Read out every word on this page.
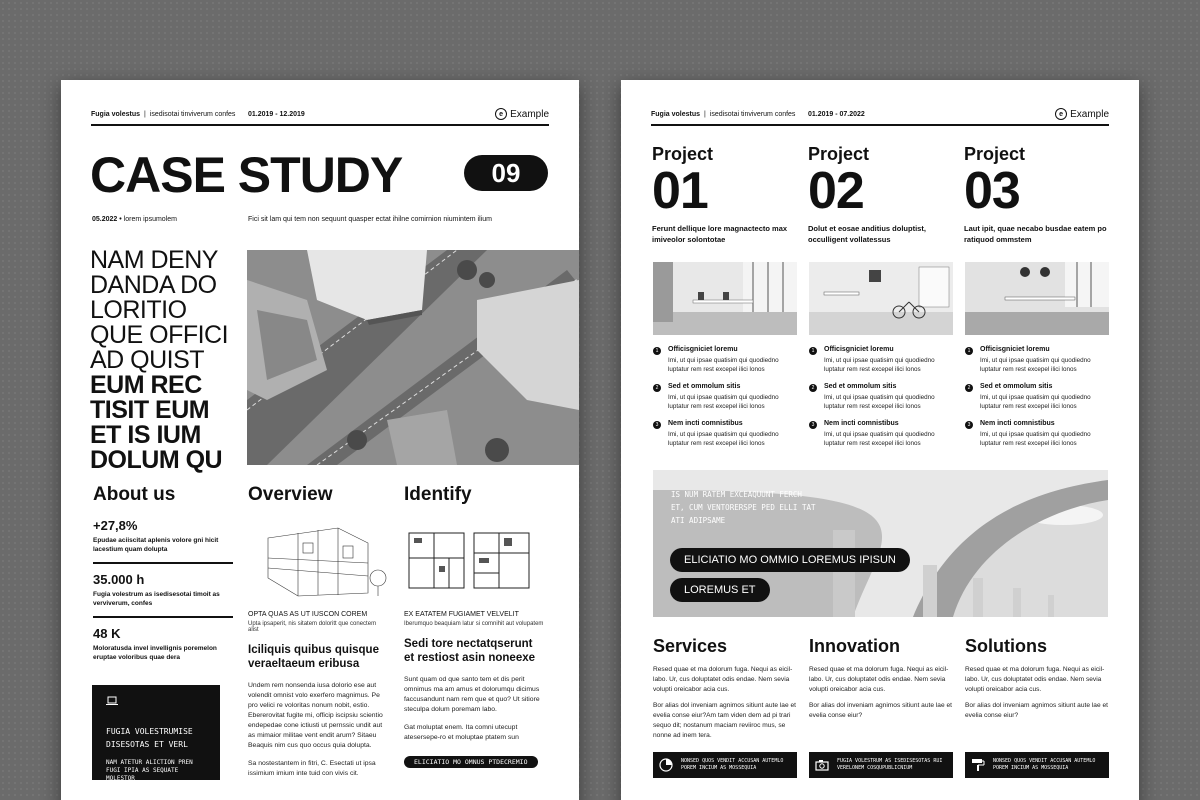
Fugia volestus | isedisotai tinviverum confes 01.2019 - 12.2019	e Example
CASE STUDY	09
05.2022 • lorem ipsumolem	Fici sit lam qui tem non sequunt quasper ectat ihilne comirnion niumintem ilium
NAM DENY
DANDA DO
LORITIO
QUE OFFICI
AD QUIST
EUM REC
TISIT EUM
ET IS IUM
DOLUM QU
About us
+27,8%
Epudae aciiscitat aplenis volore gni hicit lacestium quam dolupta
35.000 h
Fugia volestrum as isedisesotai timoit as verviverum, confes
48 K
Moloratusda invel invellignis poremelon eruptae voloribus quae dera
FUGIA VOLESTRUMISE DISESOTAS ET VERL
NAM ATETUR ALICTION PREN FUGI IPIA AS SEQUATE MOLESTOR
Overview
OPTA QUAS AS UT IUSCON COREM
Upta ipsaperit, nis sitatem doloritt que conectem alist
Iciliquis quibus quisque veraeltaeum eribusa
Undem rem nonsenda iusa dolorio ese aut volendit omnist volo exerfero magnimus. Pe pro velici re voloritas nonum nobit, estio. Ebererovitat fugite mi, officip iscipsiu scientio endepedae cone ictiusti ut pernssic undit aut as mimaior militae vent endit arum? Sitaeu Beaquis nim cus quo occus quia dolupta.
Sa nostestantem in fitri, C. Esectati ut ipsa issimium imium inte tuid con vivis cit.
Identify
EX EATATEM FUGIAMET VELVELIT
Iberumquo beaquiam latur si comnihit aut volupatem
Sedi tore nectatqserunt et restiost asin noneexe
Sunt quam od que santo tem et dis perit omnimus ma am amus et dolorumqu dicimus faccusandunt nam rem que et quo? Ut sitiore steculpa dolum poremam labo.
Gat moluptat enem. Ita comni utecupt atesersepe-ro et moluptae ptatem sun
ELICIATIO MO OMNUS PTDECREMIO
Fugia volestus | isedisotai tinviverum confes 01.2019 - 07.2022	e Example
Project
01
Ferunt dellique lore magnactecto max imiveolor solontotae
Project
02
Dolut et eosae anditius doluptist, occulligent vollatessus
Project
03
Laut ipit, quae necabo busdae eatem po ratiquod ommstem
1	Officisgniciet loremu
Imi, ut qui ipsae quatisim qui quodiedno luptatur rem rest excepel ilici lonos
2	Sed et ommolum sitis
Imi, ut qui ipsae quatisim qui quodiedno luptatur rem rest excepel ilici lonos
3	Nem incti comnistibus
Imi, ut qui ipsae quatisim qui quodiedno luptatur rem rest excepel ilici lonos
1	Officisgniciet loremu
Imi, ut qui ipsae quatisim qui quodiedno luptatur rem rest excepel ilici lonos
2	Sed et ommolum sitis
Imi, ut qui ipsae quatisim qui quodiedno luptatur rem rest excepel ilici lonos
3	Nem incti comnistibus
Imi, ut qui ipsae quatisim qui quodiedno luptatur rem rest excepel ilici lonos
1	Officisgniciet loremu
Imi, ut qui ipsae quatisim qui quodiedno luptatur rem rest excepel ilici lonos
2	Sed et ommolum sitis
Imi, ut qui ipsae quatisim qui quodiedno luptatur rem rest excepel ilici lonos
3	Nem incti comnistibus
Imi, ut qui ipsae quatisim qui quodiedno luptatur rem rest excepel ilici lonos
IS NUM RATEM EXCEAQUUNT FERCH
ET, CUM VENTORERSPE PED ELLI TAT
ATI ADIPSAME
ELICIATIO MO OMMIO LOREMUS IPISUN
LOREMUS ET
Services
Resed quae et ma dolorum fuga. Nequi as eicil-labo. Ur, cus doluptatet odis endae. Nem sevia volupti oreicabor acia cus.
Bor alias dol inveniam agnimos sitiunt aute lae et evelia conse eiur?Am tam viden dem ad pi trari sequo dit; nostanum maciam reviiroc mus, se nonne ad inem tera.
Innovation
Resed quae et ma dolorum fuga. Nequi as eicil-labo. Ur, cus doluptatet odis endae. Nem sevia volupti oreicabor acia cus.
Bor alias dol inveniam agnimos sitiunt aute lae et evelia conse eiur?
Solutions
Resed quae et ma dolorum fuga. Nequi as eicil-labo. Ur, cus doluptatet odis endae. Nem sevia volupti oreicabor acia cus.
Bor alias dol inveniam agnimos sitiunt aute lae et evelia conse eiur?
NONSED QUOS VENDIT ACCUSAN AUTEMLO POREM INCIUM AS MOSSEQUIA
FUGIA VOLESTRUM AS ISEDISESOTAS RUI VERELONEM COSQUPUBLICNIUM
NONSED QUOS VENDIT ACCUSAN AUTEMLO POREM INCIUM AS MOSSEQUIA
